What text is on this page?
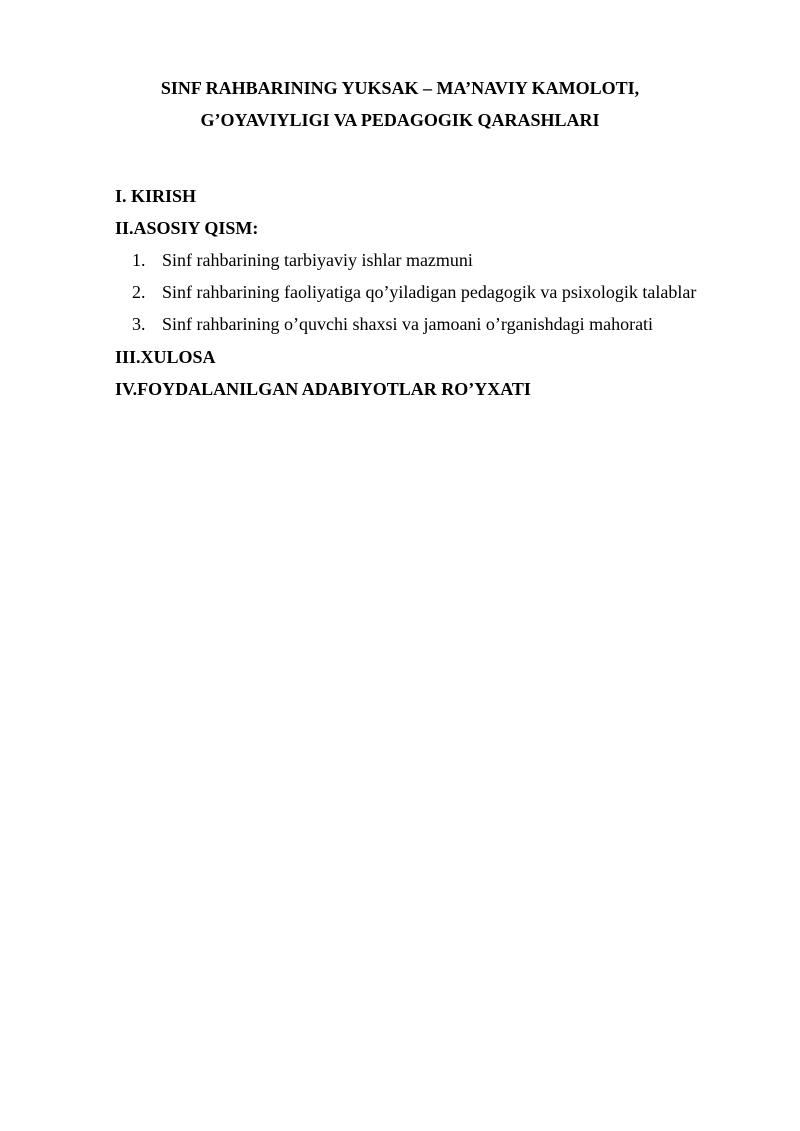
SINF RAHBARINING YUKSAK – MA’NAVIY KAMOLOTI,
G’OYAVIYLIGI VA PEDAGOGIK QARASHLARI
I. KIRISH
II.ASOSIY QISM:
1. Sinf rahbarining tarbiyaviy ishlar mazmuni
2. Sinf rahbarining faoliyatiga qo’yiladigan pedagogik va psixologik talablar
3. Sinf rahbarining o’quvchi shaxsi va jamoani o’rganishdagi mahorati
III.XULOSA
IV.FOYDALANILGAN ADABIYOTLAR RO’YXATI
